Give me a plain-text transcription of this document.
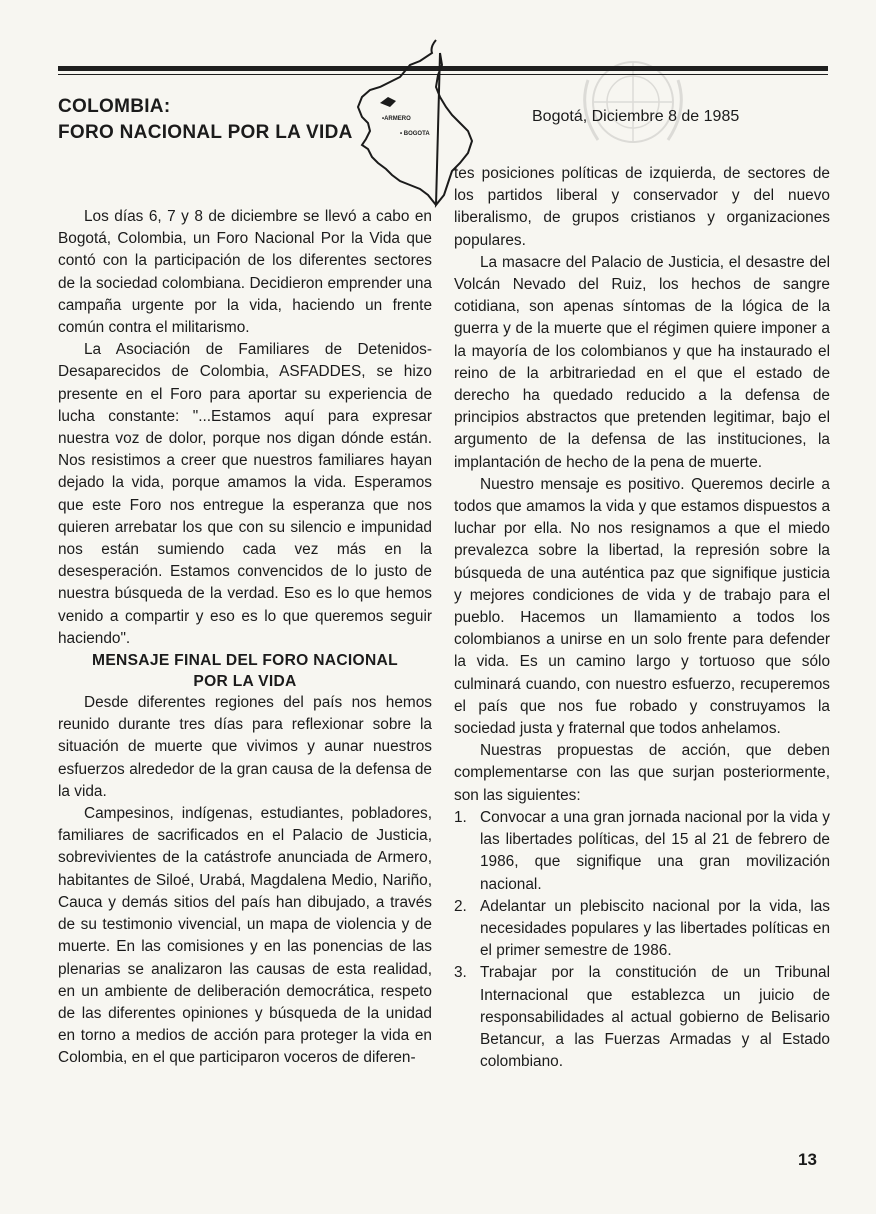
COLOMBIA:

FORO NACIONAL POR LA VIDA

•ARMERO
• BOGOTA
Bogotá, Diciembre 8 de 1985

Los días 6, 7 y 8 de diciembre se llevó a cabo en Bogotá, Colombia, un Foro Nacional Por la Vida que contó con la participación de los diferentes sectores de la sociedad colombiana. Decidieron emprender una campaña urgente por la vida, haciendo un frente común contra el militarismo.

La Asociación de Familiares de Detenidos-Desaparecidos de Colombia, ASFADDES, se hizo presente en el Foro para aportar su experiencia de lucha constante: "...Estamos aquí para expresar nuestra voz de dolor, porque nos digan dónde están. Nos resistimos a creer que nuestros familiares hayan dejado la vida, porque amamos la vida. Esperamos que este Foro nos entregue la esperanza que nos quieren arrebatar los que con su silencio e impunidad nos están sumiendo cada vez más en la desesperación. Estamos convencidos de lo justo de nuestra búsqueda de la verdad. Eso es lo que hemos venido a compartir y eso es lo que queremos seguir haciendo".

MENSAJE FINAL DEL FORO NACIONAL
POR LA VIDA

Desde diferentes regiones del país nos hemos reunido durante tres días para reflexionar sobre la situación de muerte que vivimos y aunar nuestros esfuerzos alrededor de la gran causa de la defensa de la vida.

Campesinos, indígenas, estudiantes, pobladores, familiares de sacrificados en el Palacio de Justicia, sobrevivientes de la catástrofe anunciada de Armero, habitantes de Siloé, Urabá, Magdalena Medio, Nariño, Cauca y demás sitios del país han dibujado, a través de su testimonio vivencial, un mapa de violencia y de muerte. En las comisiones y en las ponencias de las plenarias se analizaron las causas de esta realidad, en un ambiente de deliberación democrática, respeto de las diferentes opiniones y búsqueda de la unidad en torno a medios de acción para proteger la vida en Colombia, en el que participaron voceros de diferen-

tes posiciones políticas de izquierda, de sectores de los partidos liberal y conservador y del nuevo liberalismo, de grupos cristianos y organizaciones populares.

La masacre del Palacio de Justicia, el desastre del Volcán Nevado del Ruiz, los hechos de sangre cotidiana, son apenas síntomas de la lógica de la guerra y de la muerte que el régimen quiere imponer a la mayoría de los colombianos y que ha instaurado el reino de la arbitrariedad en el que el estado de derecho ha quedado reducido a la defensa de principios abstractos que pretenden legitimar, bajo el argumento de la defensa de las instituciones, la implantación de hecho de la pena de muerte.

Nuestro mensaje es positivo. Queremos decirle a todos que amamos la vida y que estamos dispuestos a luchar por ella. No nos resignamos a que el miedo prevalezca sobre la libertad, la represión sobre la búsqueda de una auténtica paz que signifique justicia y mejores condiciones de vida y de trabajo para el pueblo. Hacemos un llamamiento a todos los colombianos a unirse en un solo frente para defender la vida. Es un camino largo y tortuoso que sólo culminará cuando, con nuestro esfuerzo, recuperemos el país que nos fue robado y construyamos la sociedad justa y fraternal que todos anhelamos.

Nuestras propuestas de acción, que deben complementarse con las que surjan posteriormente, son las siguientes:

1. Convocar a una gran jornada nacional por la vida y las libertades políticas, del 15 al 21 de febrero de 1986, que signifique una gran movilización nacional.
2. Adelantar un plebiscito nacional por la vida, las necesidades populares y las libertades políticas en el primer semestre de 1986.
3. Trabajar por la constitución de un Tribunal Internacional que establezca un juicio de responsabilidades al actual gobierno de Belisario Betancur, a las Fuerzas Armadas y al Estado colombiano.
13
